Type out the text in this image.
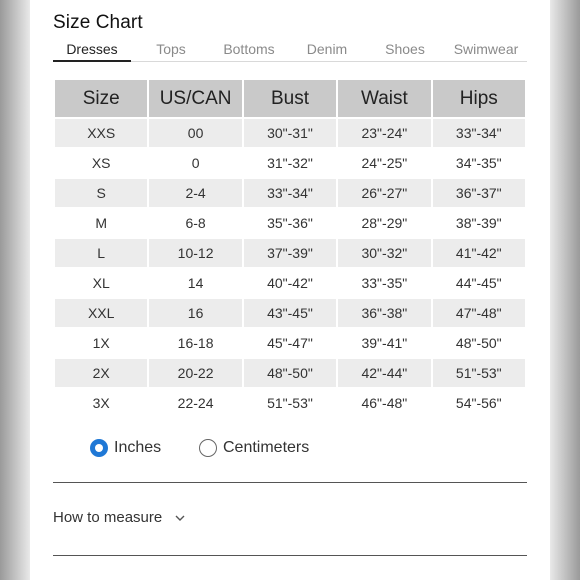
Size Chart
Dresses	Tops	Bottoms	Denim	Shoes	Swimwear
Size	US/CAN	Bust	Waist	Hips
XXS	00	30"-31"	23"-24"	33"-34"
XS	0	31"-32"	24"-25"	34"-35"
S	2-4	33"-34"	26"-27"	36"-37"
M	6-8	35"-36"	28"-29"	38"-39"
L	10-12	37"-39"	30"-32"	41"-42"
XL	14	40"-42"	33"-35"	44"-45"
XXL	16	43"-45"	36"-38"	47"-48"
1X	16-18	45"-47"	39"-41"	48"-50"
2X	20-22	48"-50"	42"-44"	51"-53"
3X	22-24	51"-53"	46"-48"	54"-56"
Inches	Centimeters
How to measure
